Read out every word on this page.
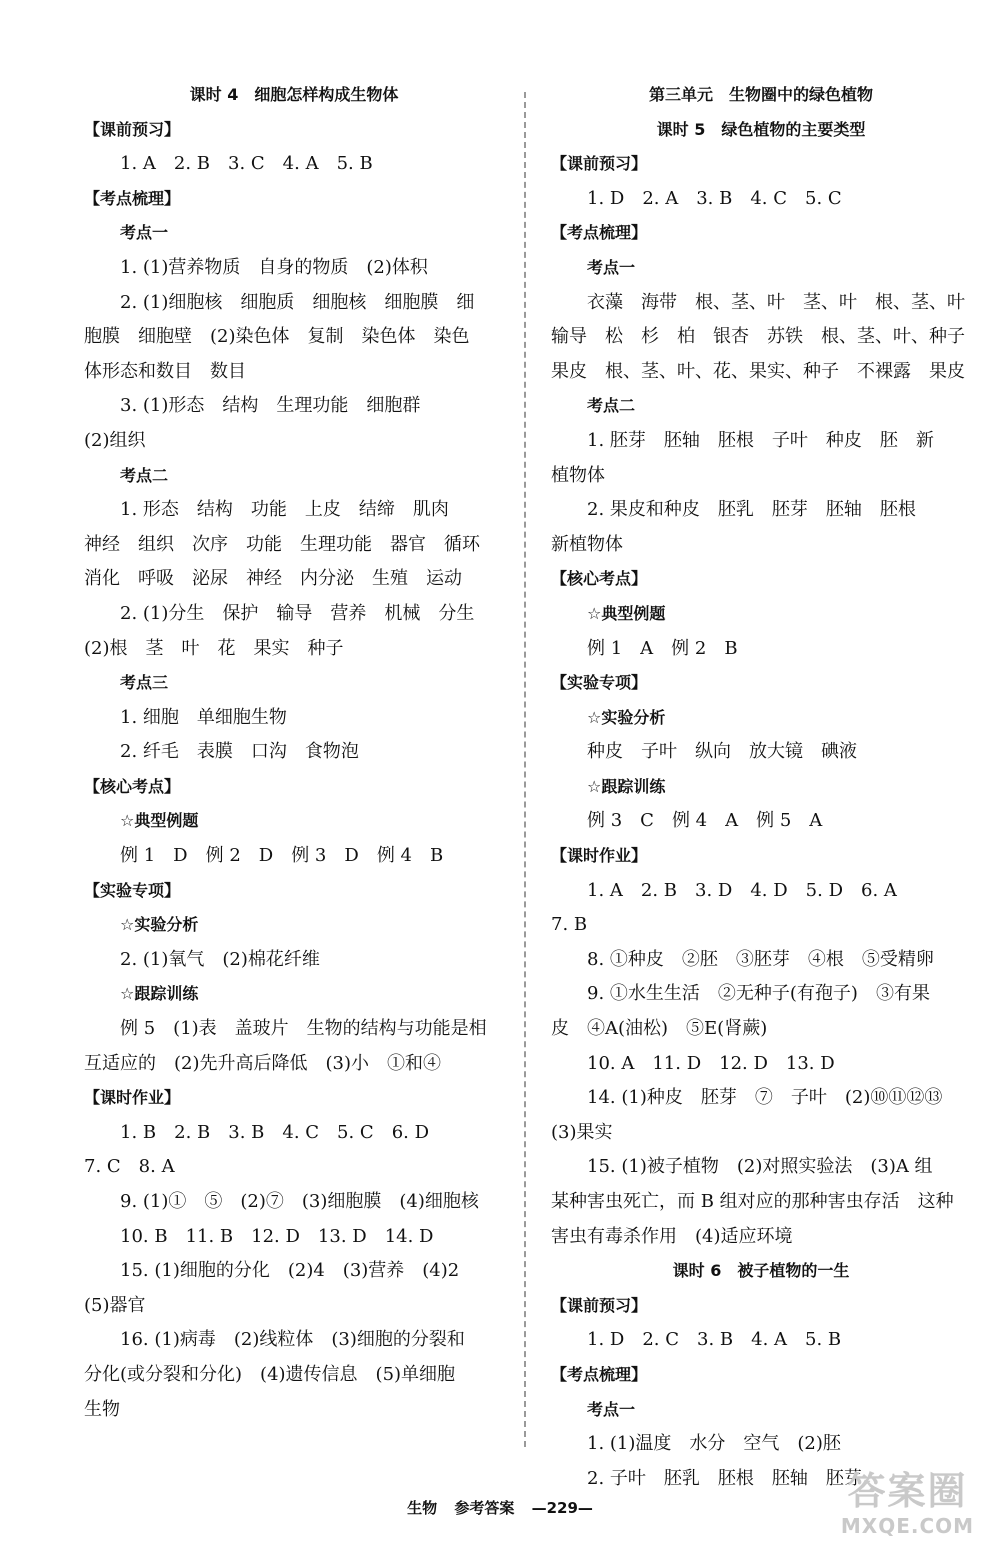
课时 4　细胞怎样构成生物体
【课前预习】
1. A　2. B　3. C　4. A　5. B
【考点梳理】
考点一
1. (1)营养物质　自身的物质　(2)体积
2. (1)细胞核　细胞质　细胞核　细胞膜　细
胞膜　细胞壁　(2)染色体　复制　染色体　染色
体形态和数目　数目
3. (1)形态　结构　生理功能　细胞群
(2)组织
考点二
1. 形态　结构　功能　上皮　结缔　肌肉
神经　组织　次序　功能　生理功能　器官　循环
消化　呼吸　泌尿　神经　内分泌　生殖　运动
2. (1)分生　保护　输导　营养　机械　分生
(2)根　茎　叶　花　果实　种子
考点三
1. 细胞　单细胞生物
2. 纤毛　表膜　口沟　食物泡
【核心考点】
☆典型例题
例 1　D　例 2　D　例 3　D　例 4　B
【实验专项】
☆实验分析
2. (1)氧气　(2)棉花纤维
☆跟踪训练
例 5　(1)表　盖玻片　生物的结构与功能是相
互适应的　(2)先升高后降低　(3)小　①和④
【课时作业】
1. B　2. B　3. B　4. C　5. C　6. D
7. C　8. A
9. (1)①　⑤　(2)⑦　(3)细胞膜　(4)细胞核
10. B　11. B　12. D　13. D　14. D
15. (1)细胞的分化　(2)4　(3)营养　(4)2
(5)器官
16. (1)病毒　(2)线粒体　(3)细胞的分裂和
分化(或分裂和分化)　(4)遗传信息　(5)单细胞
生物
第三单元　生物圈中的绿色植物
课时 5　绿色植物的主要类型
【课前预习】
1. D　2. A　3. B　4. C　5. C
【考点梳理】
考点一
衣藻　海带　根、茎、叶　茎、叶　根、茎、叶
输导　松　杉　柏　银杏　苏铁　根、茎、叶、种子
果皮　根、茎、叶、花、果实、种子　不裸露　果皮
考点二
1. 胚芽　胚轴　胚根　子叶　种皮　胚　新
植物体
2. 果皮和种皮　胚乳　胚芽　胚轴　胚根
新植物体
【核心考点】
☆典型例题
例 1　A　例 2　B
【实验专项】
☆实验分析
种皮　子叶　纵向　放大镜　碘液
☆跟踪训练
例 3　C　例 4　A　例 5　A
【课时作业】
1. A　2. B　3. D　4. D　5. D　6. A
7. B
8. ①种皮　②胚　③胚芽　④根　⑤受精卵
9. ①水生生活　②无种子(有孢子)　③有果
皮　④A(油松)　⑤E(肾蕨)
10. A　11. D　12. D　13. D
14. (1)种皮　胚芽　⑦　子叶　(2)⑩⑪⑫⑬
(3)果实
15. (1)被子植物　(2)对照实验法　(3)A 组
某种害虫死亡，而 B 组对应的那种害虫存活　这种
害虫有毒杀作用　(4)适应环境
课时 6　被子植物的一生
【课前预习】
1. D　2. C　3. B　4. A　5. B
【考点梳理】
考点一
1. (1)温度　水分　空气　(2)胚
2. 子叶　胚乳　胚根　胚轴　胚芽
生物 参考答案 —229—	答案圈
MXQE.COM
